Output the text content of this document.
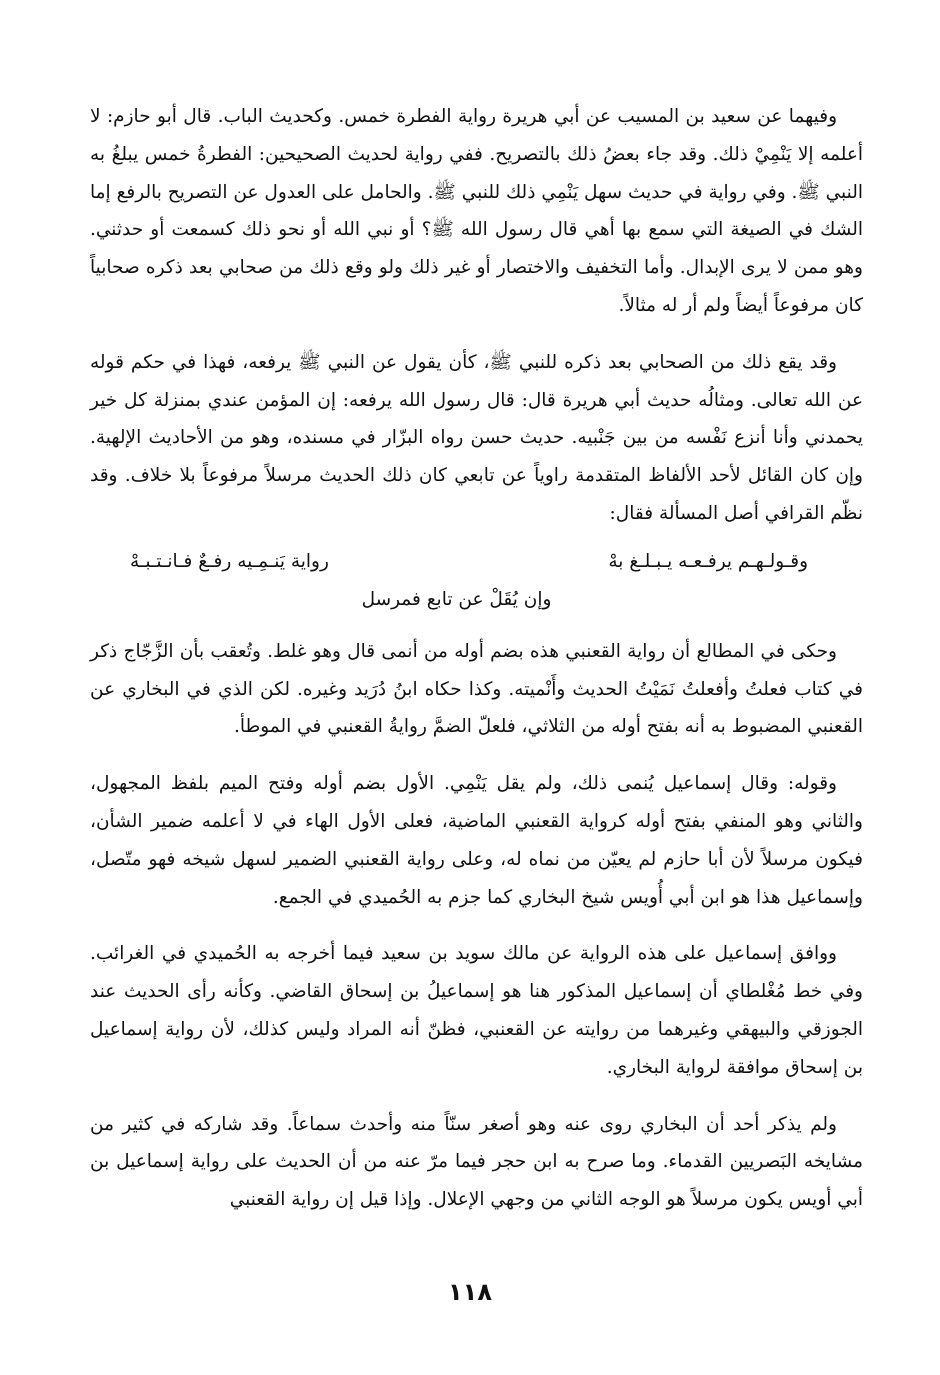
وفيهما عن سعيد بن المسيب عن أبي هريرة رواية الفطرة خمس. وكحديث الباب. قال أبو حازم: لا أعلمه إلا يَنْمِيْ ذلك. وقد جاء بعضُ ذلك بالتصريح. ففي رواية لحديث الصحيحين: الفطرةُ خمس يبلغُ به النبي ﷺ. وفي رواية في حديث سهل يَنْمِي ذلك للنبي ﷺ. والحامل على العدول عن التصريح بالرفع إما الشك في الصيغة التي سمع بها أهي قال رسول الله ﷺ؟ أو نبي الله أو نحو ذلك كسمعت أو حدثني. وهو ممن لا يرى الإبدال. وأما التخفيف والاختصار أو غير ذلك ولو وقع ذلك من صحابي بعد ذكره صحابياً كان مرفوعاً أيضاً ولم أر له مثالاً.

وقد يقع ذلك من الصحابي بعد ذكره للنبي ﷺ، كأن يقول عن النبي ﷺ يرفعه، فهذا في حكم قوله عن الله تعالى. ومثالُه حديث أبي هريرة قال: قال رسول الله يرفعه: إن المؤمن عندي بمنزلة كل خير يحمدني وأنا أنزع نَفْسه من بين جَنْبيه. حديث حسن رواه البزّار في مسنده، وهو من الأحاديث الإلهية. وإن كان القائل لأحد الألفاظ المتقدمة راوياً عن تابعي كان ذلك الحديث مرسلاً مرفوعاً بلا خلاف. وقد نظّم القرافي أصل المسألة فقال:

وقـولـهـم يرفـعـه يـبـلـغ بهْ
رواية يَنـمِـيه رفـعٌ فـانـتـبـهْ
وإن يُقَلْ عن تابع فمرسل

وحكى في المطالع أن رواية القعنبي هذه بضم أوله من أنمى قال وهو غلط. وتُعقب بأن الزَّجّاج ذكر في كتاب فعلتُ وأفعلتُ نَمَيْتُ الحديث وأَنْميته. وكذا حكاه ابنُ دُرَيد وغيره. لكن الذي في البخاري عن القعنبي المضبوط به أنه بفتح أوله من الثلاثي، فلعلّ الضمَّ روايةُ القعنبي في الموطأ.

وقوله: وقال إسماعيل يُنمى ذلك، ولم يقل يَنْمِي. الأول بضم أوله وفتح الميم بلفظ المجهول، والثاني وهو المنفي بفتح أوله كرواية القعنبي الماضية، فعلى الأول الهاء في لا أعلمه ضمير الشأن، فيكون مرسلاً لأن أبا حازم لم يعيّن من نماه له، وعلى رواية القعنبي الضمير لسهل شيخه فهو متّصل، وإسماعيل هذا هو ابن أبي أُويس شيخ البخاري كما جزم به الحُميدي في الجمع.

ووافق إسماعيل على هذه الرواية عن مالك سويد بن سعيد فيما أخرجه به الحُميدي في الغرائب. وفي خط مُغْلطاي أن إسماعيل المذكور هنا هو إسماعيلُ بن إسحاق القاضي. وكأنه رأى الحديث عند الجوزقي والبيهقي وغيرهما من روايته عن القعنبي، فظنّ أنه المراد وليس كذلك، لأن رواية إسماعيل بن إسحاق موافقة لرواية البخاري.

ولم يذكر أحد أن البخاري روى عنه وهو أصغر سنّاً منه وأحدث سماعاً. وقد شاركه في كثير من مشايخه البَصريين القدماء. وما صرح به ابن حجر فيما مرّ عنه من أن الحديث على رواية إسماعيل بن أبي أويس يكون مرسلاً هو الوجه الثاني من وجهي الإعلال. وإذا قيل إن رواية القعنبي

١١٨
